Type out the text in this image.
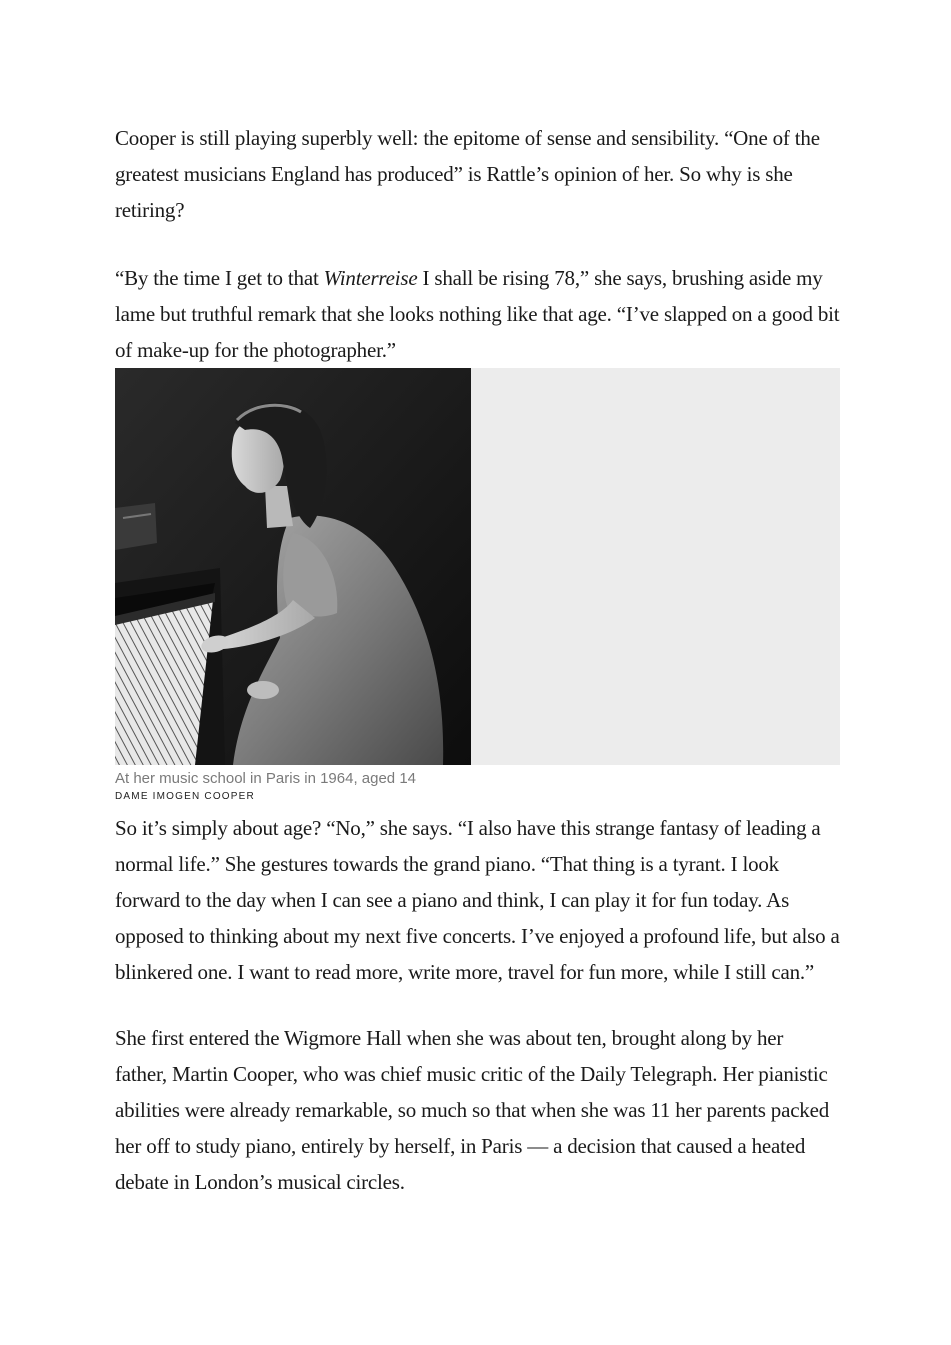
Cooper is still playing superbly well: the epitome of sense and sensibility. “One of the greatest musicians England has produced” is Rattle’s opinion of her. So why is she retiring?

“By the time I get to that Winterreise I shall be rising 78,” she says, brushing aside my lame but truthful remark that she looks nothing like that age. “I’ve slapped on a good bit of make-up for the photographer.”

At her music school in Paris in 1964, aged 14

DAME IMOGEN COOPER

So it’s simply about age? “No,” she says. “I also have this strange fantasy of leading a normal life.” She gestures towards the grand piano. “That thing is a tyrant. I look forward to the day when I can see a piano and think, I can play it for fun today. As opposed to thinking about my next five concerts. I’ve enjoyed a profound life, but also a blinkered one. I want to read more, write more, travel for fun more, while I still can.”

She first entered the Wigmore Hall when she was about ten, brought along by her father, Martin Cooper, who was chief music critic of the Daily Telegraph. Her pianistic abilities were already remarkable, so much so that when she was 11 her parents packed her off to study piano, entirely by herself, in Paris — a decision that caused a heated debate in London’s musical circles.
